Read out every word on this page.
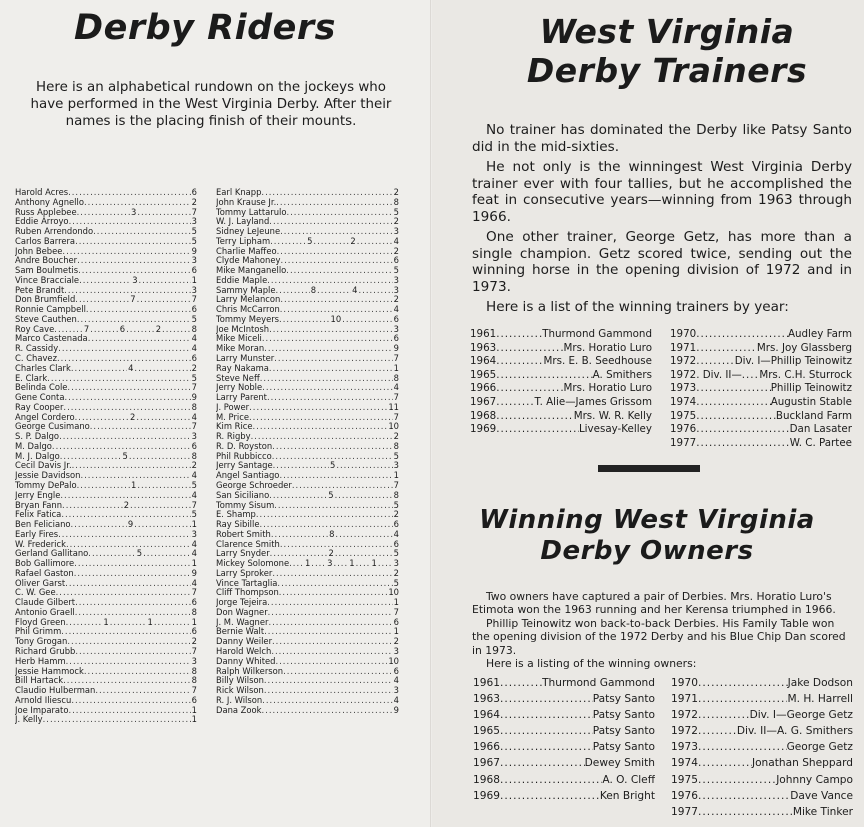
Derby Riders

Here is an alphabetical rundown on the jockeys who have performed in the West Virginia Derby. After their names is the placing finish of their mounts.

Harold Acres .....	6
Anthony Agnello .....	2
Russ Applebee .....	3 .....	7
Eddie Arroyo .....	3
Ruben Arrendondo .....	5
Carlos Barrera .....	5
John Bebee .....	9
Andre Boucher .....	3
Sam Boulmetis .....	6
Vince Bracciale .....	3 .....	1
Pete Brandt .....	3
Don Brumfield .....	7 .....	7
Ronnie Campbell .....	6
Steve Cauthen .....	5
Roy Cave .....	7 .....	6 .....	2 .....	8
Marco Castenada .....	4
R. Cassidy .....	4
C. Chavez .....	6
Charles Clark .....	4 .....	2
E. Clark .....	5
Belinda Cole .....	7
Gene Conta .....	9
Ray Cooper .....	8
Angel Cordero .....	2 .....	4
George Cusimano .....	7
S. P. Dalgo .....	3
M. Dalgo .....	6
M. J. Dalgo .....	5 .....	8
Cecil Davis Jr. .....	2
Jessie Davidson .....	4
Tommy DePalo .....	1 .....	5
Jerry Engle .....	4
Bryan Fann .....	2 .....	7
Felix Fatica .....	5
Ben Feliciano .....	9 .....	1
Early Fires .....	3
W. Frederick .....	4
Gerland Gallitano .....	5 .....	4
Bob Gallimore .....	1
Rafael Gaston .....	9
Oliver Garst .....	4
C. W. Gee .....	7
Claude Gilbert .....	6
Antonio Graell .....	8
Floyd Green .....	1 .....	1 .....	1
Phil Grimm .....	6
Tony Grogan .....	2
Richard Grubb .....	7
Herb Hamm .....	3
Jessie Hammock .....	8
Bill Hartack .....	8
Claudio Hulberman .....	7
Arnold Iliescu .....	6
Joe Imparato .....	1
J. Kelly .....	1
Earl Knapp .....	2
John Krause Jr. .....	8
Tommy Lattarulo .....	5
W. J. Layland .....	2
Sidney LeJeune .....	3
Terry Lipham .....	5 .....	2 .....	4
Charlie Maffeo .....	2
Clyde Mahoney .....	6
Mike Manganello .....	5
Eddie Maple .....	3
Sammy Maple .....	8 .....	4 .....	3
Larry Melancon .....	2
Chris McCarron .....	4
Tommy Meyers .....	10 .....	6
Joe McIntosh .....	3
Mike Miceli .....	6
Mike Moran .....	9
Larry Munster .....	7
Ray Nakama .....	1
Steve Neff .....	8
Jerry Noble .....	4
Larry Parent .....	7
J. Power .....	11
M. Price .....	7
Kim Rice .....	10
R. Rigby .....	2
R. D. Royston .....	8
Phil Rubbicco .....	5
Jerry Santage .....	5 .....	3
Angel Santiago .....	1
George Schroeder .....	7
San Siciliano .....	5 .....	8
Tommy Sisum .....	5
E. Shamp .....	2
Ray Sibille .....	6
Robert Smith .....	8 .....	4
Clarence Smith .....	6
Larry Snyder .....	2 .....	5
Mickey Solomone ..... 1 ..... 3 ..... 1 ..... 1 ..... 3
Larry Sproker .....	2
Vince Tartaglia .....	5
Cliff Thompson .....	10
Jorge Tejeira .....	1
Don Wagner .....	7
J. M. Wagner .....	6
Bernie Walt .....	1
Danny Weiler .....	2
Harold Welch .....	3
Danny Whited .....	10
Ralph Wilkerson .....	6
Billy Wilson .....	4
Rick Wilson .....	3
R. J. Wilson .....	4
Dana Zook .....	9
West Virginia
Derby Trainers

No trainer has dominated the Derby like Patsy Santo did in the mid-sixties.

He not only is the winningest West Virginia Derby trainer ever with four tallies, but he accomplished the feat in consecutive years—winning from 1963 through 1966.

One other trainer, George Getz, has more than a single champion. Getz scored twice, sending out the winning horse in the opening division of 1972 and in 1973.

Here is a list of the winning trainers by year:

1961 .....	Thurmond Gammond
1963 .....	Mrs. Horatio Luro
1964 .....	Mrs. E. B. Seedhouse
1965 .....	A. Smithers
1966 .....	Mrs. Horatio Luro
1967 .....	T. Alie—James Grissom
1968 .....	Mrs. W. R. Kelly
1969 .....	Livesay-Kelley
1970 .....	Audley Farm
1971 .....	Mrs. Joy Glassberg
1972 .....	Div. I—Phillip Teinowitz
1972. Div. II— ..... Mrs. C.H. Sturrock
1973 .....	Phillip Teinowitz
1974 .....	Augustin Stable
1975 .....	Buckland Farm
1976 .....	Dan Lasater
1977 .....	W. C. Partee
Winning West Virginia
Derby Owners

Two owners have captured a pair of Derbies. Mrs. Horatio Luro's Etimota won the 1963 running and her Kerensa triumphed in 1966.

Phillip Teinowitz won back-to-back Derbies. His Family Table won the opening division of the 1972 Derby and his Blue Chip Dan scored in 1973.

Here is a listing of the winning owners:

1961 .....	Thurmond Gammond
1963 .....	Patsy Santo
1964 .....	Patsy Santo
1965 .....	Patsy Santo
1966 .....	Patsy Santo
1967 .....	Dewey Smith
1968 .....	A. O. Cleff
1969 .....	Ken Bright
1970 .....	Jake Dodson
1971 .....	M. H. Harrell
1972 .....	Div. I—George Getz
1972 .....	Div. II—A. G. Smithers
1973 .....	George Getz
1974 .....	Jonathan Sheppard
1975 .....	Johnny Campo
1976 .....	Dave Vance
1977 .....	Mike Tinker
